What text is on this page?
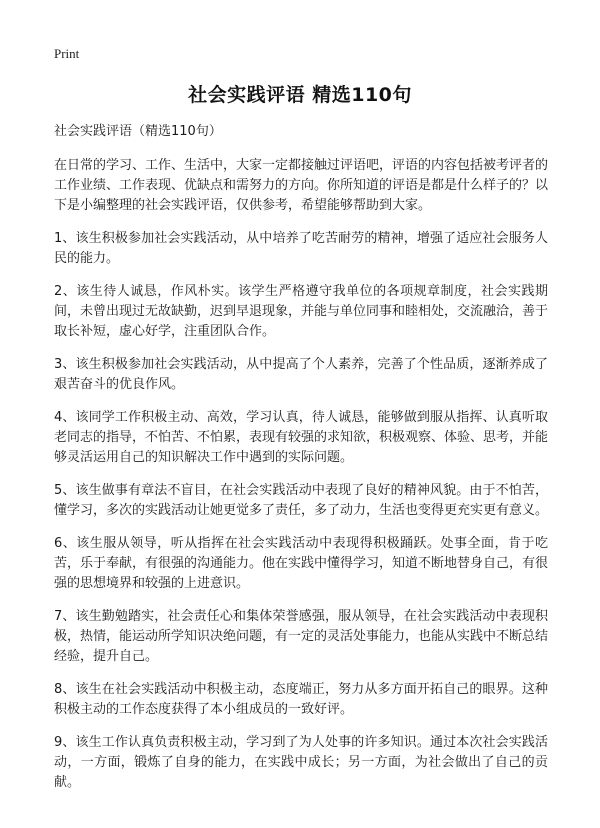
Print
社会实践评语 精选110句

社会实践评语（精选110句）

在日常的学习、工作、生活中，大家一定都接触过评语吧，评语的内容包括被考评者的工作业绩、工作表现、优缺点和需努力的方向。你所知道的评语是都是什么样子的？以下是小编整理的社会实践评语，仅供参考，希望能够帮助到大家。

1、该生积极参加社会实践活动，从中培养了吃苦耐劳的精神，增强了适应社会服务人民的能力。

2、该生待人诚恳，作风朴实。该学生严格遵守我单位的各项规章制度，社会实践期间，未曾出现过无故缺勤，迟到早退现象，并能与单位同事和睦相处，交流融洽，善于取长补短，虚心好学，注重团队合作。

3、该生积极参加社会实践活动，从中提高了个人素养，完善了个性品质，逐渐养成了艰苦奋斗的优良作风。

4、该同学工作积极主动、高效，学习认真，待人诚恳，能够做到服从指挥、认真听取老同志的指导，不怕苦、不怕累，表现有较强的求知欲，积极观察、体验、思考，并能够灵活运用自己的知识解决工作中遇到的实际问题。

5、该生做事有章法不盲目，在社会实践活动中表现了良好的精神风貌。由于不怕苦，懂学习，多次的实践活动让她更觉多了责任，多了动力，生活也变得更充实更有意义。

6、该生服从领导，听从指挥在社会实践活动中表现得积极踊跃。处事全面，肯于吃苦，乐于奉献，有很强的沟通能力。他在实践中懂得学习，知道不断地替身自己，有很强的思想境界和较强的上进意识。

7、该生勤勉踏实，社会责任心和集体荣誉感强，服从领导，在社会实践活动中表现积极，热情，能运动所学知识决绝问题，有一定的灵活处事能力，也能从实践中不断总结经验，提升自己。

8、该生在社会实践活动中积极主动，态度端正，努力从多方面开拓自己的眼界。这种积极主动的工作态度获得了本小组成员的一致好评。

9、该生工作认真负责积极主动，学习到了为人处事的许多知识。通过本次社会实践活动，一方面，锻炼了自身的能力，在实践中成长；另一方面，为社会做出了自己的贡献。
